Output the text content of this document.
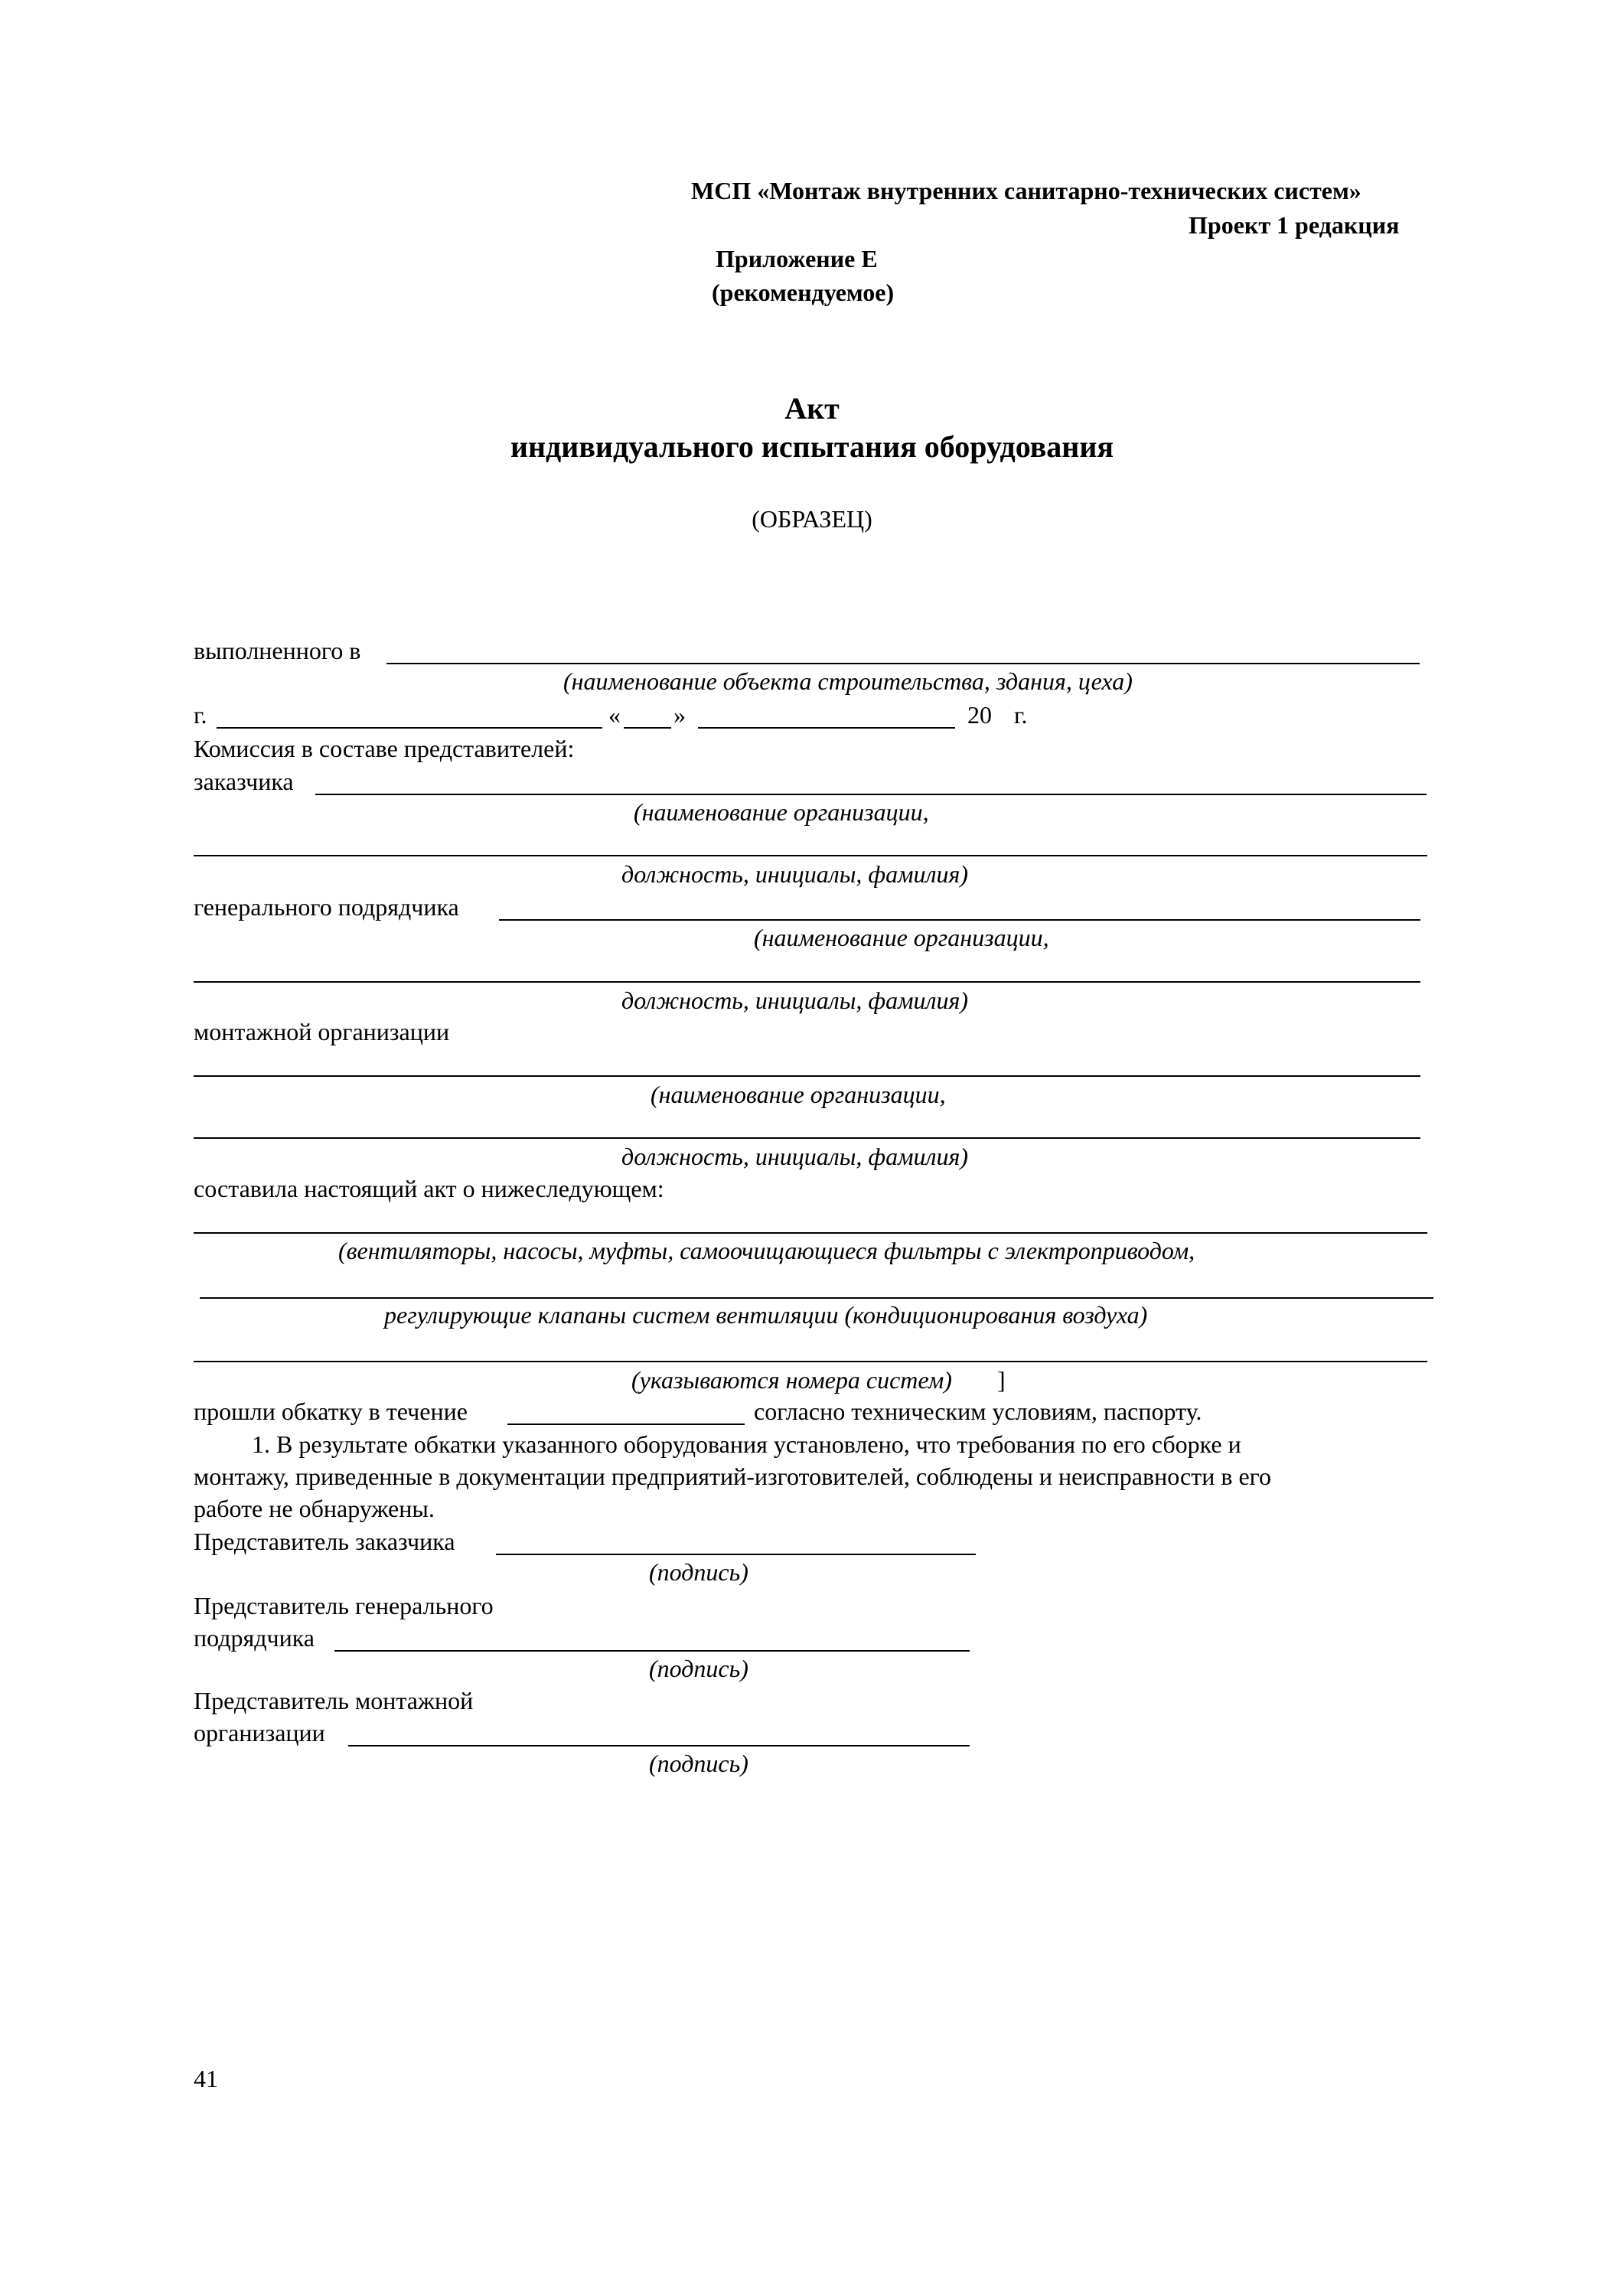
МСП «Монтаж внутренних санитарно-технических систем»
Проект 1 редакция
Приложение Е
(рекомендуемое)
Акт
индивидуального испытания оборудования
(ОБРАЗЕЦ)
выполненного в
(наименование объекта строительства, здания, цеха)
г.	« »	20 г.
Комиссия в составе представителей:
заказчика
(наименование организации,
должность, инициалы, фамилия)
генерального подрядчика
(наименование организации,
должность, инициалы, фамилия)
монтажной организации
(наименование организации,
должность, инициалы, фамилия)
составила настоящий акт о нижеследующем:
(вентиляторы, насосы, муфты, самоочищающиеся фильтры с электроприводом,
регулирующие клапаны систем вентиляции (кондиционирования воздуха)
(указываются номера систем) ]
прошли обкатку в течение	согласно техническим условиям, паспорту.
1. В результате обкатки указанного оборудования установлено, что требования по его сборке и
монтажу, приведенные в документации предприятий-изготовителей, соблюдены и неисправности в его
работе не обнаружены.
Представитель заказчика
(подпись)
Представитель генерального
подрядчика
(подпись)
Представитель монтажной
организации
(подпись)
41
